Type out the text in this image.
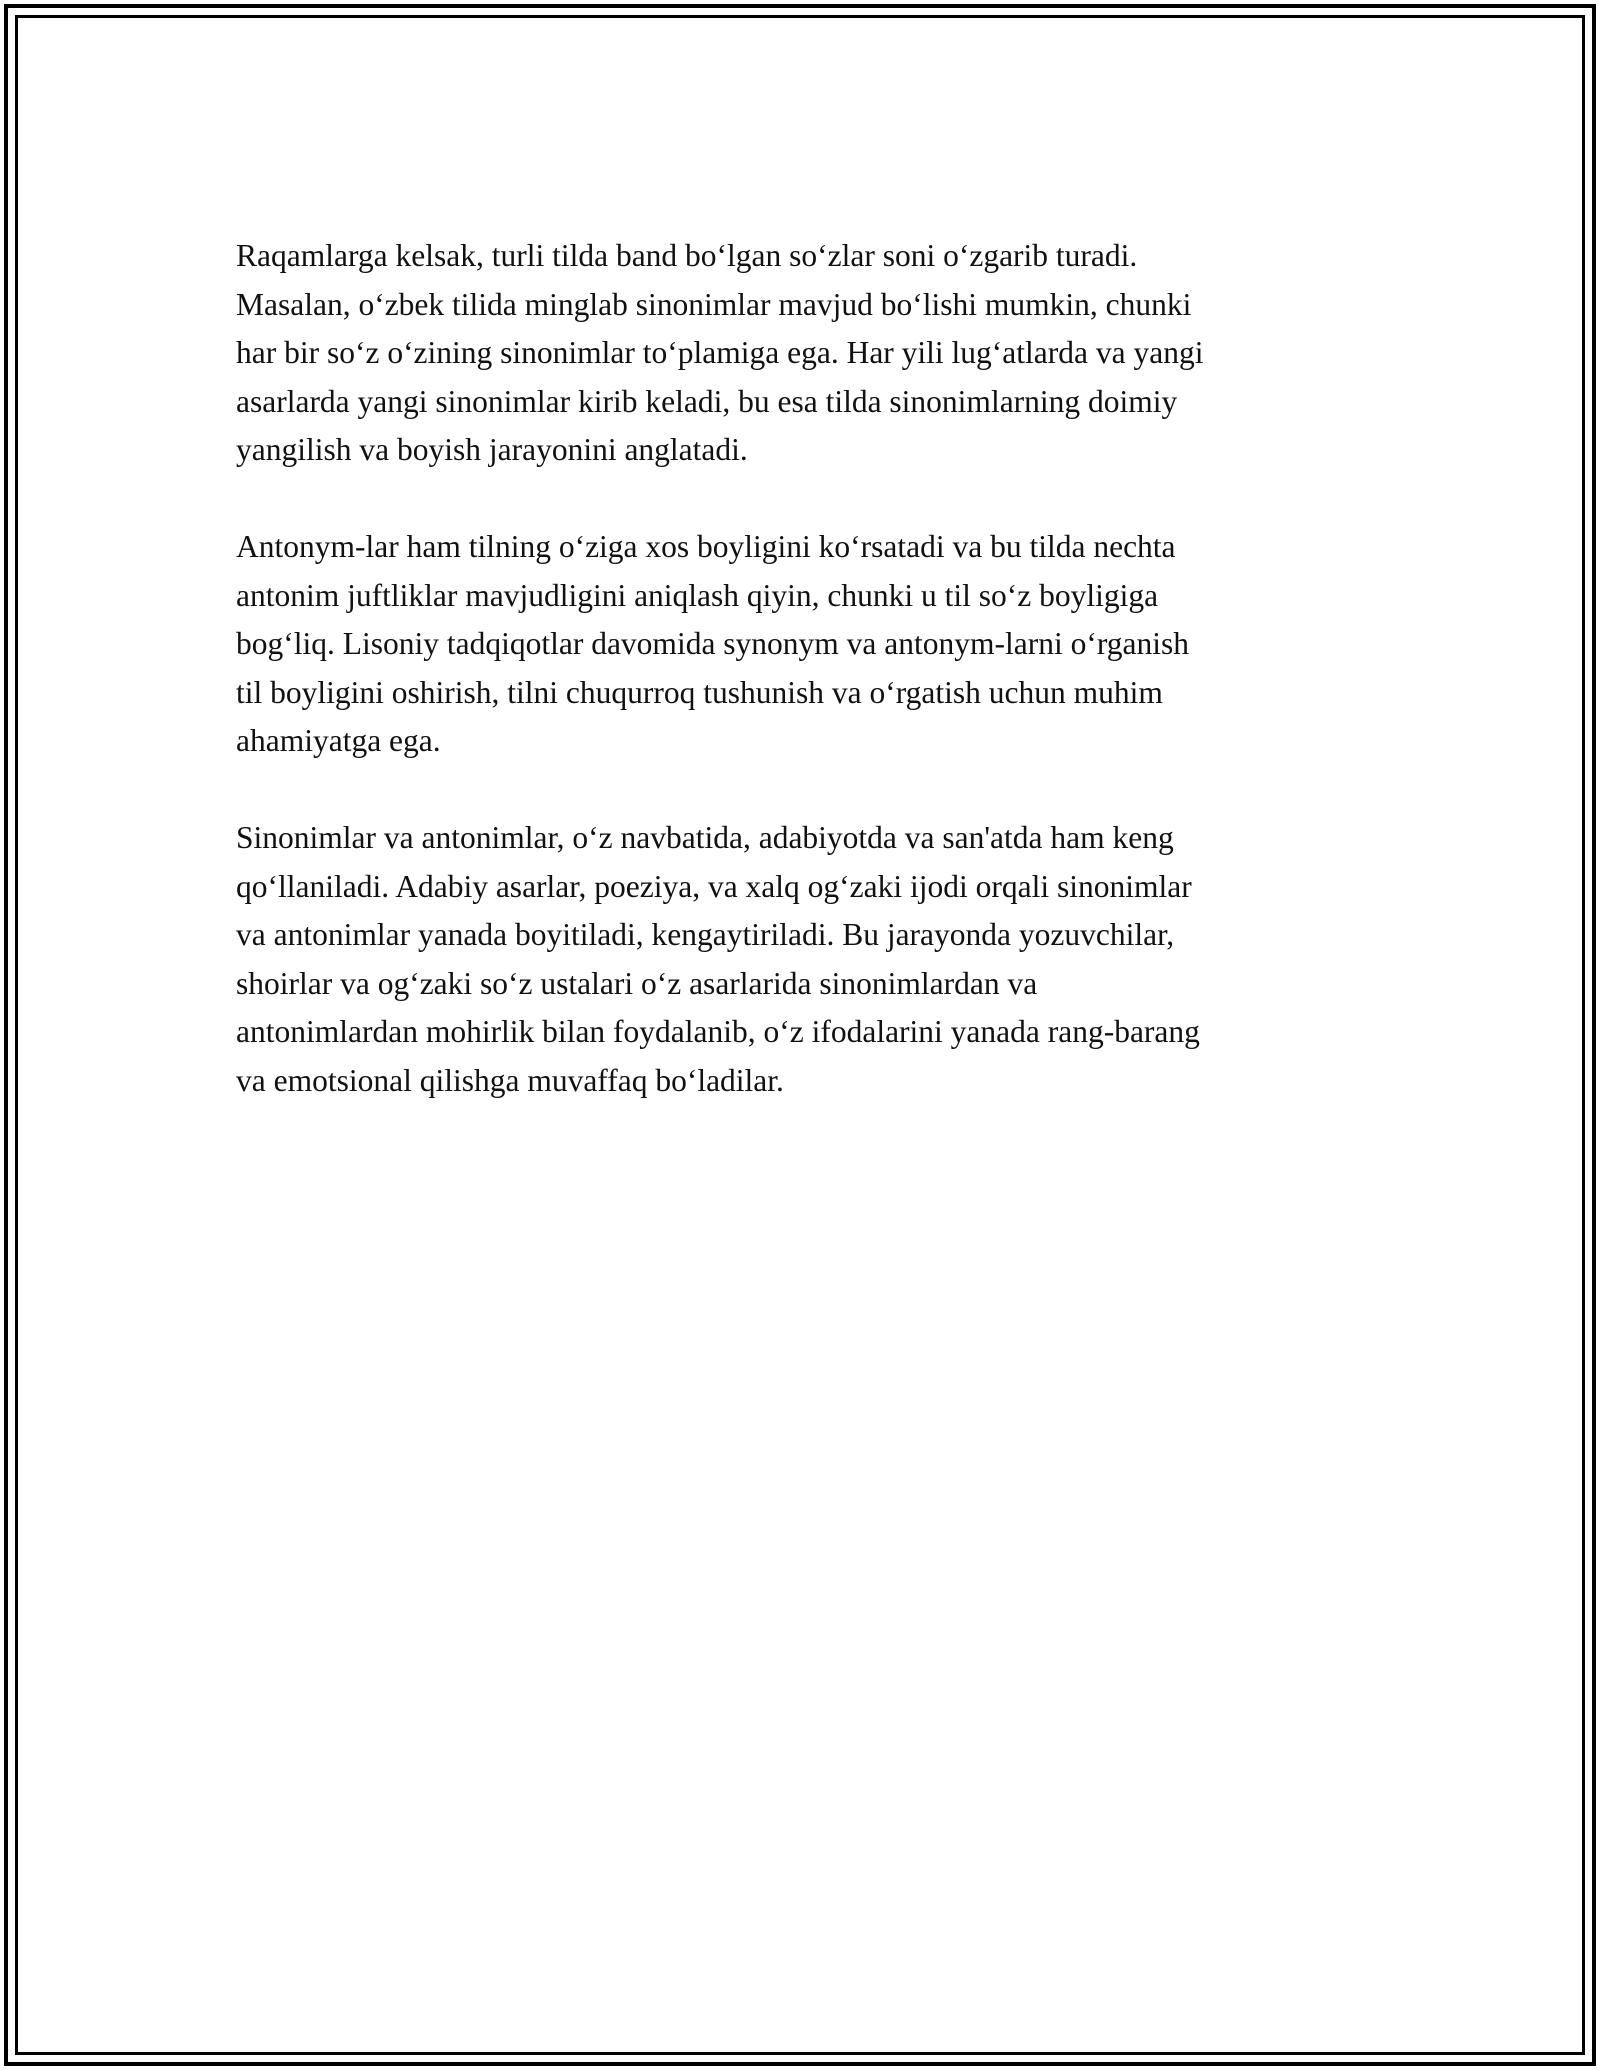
Raqamlarga kelsak, turli tilda band boʻlgan soʻzlar soni oʻzgarib turadi.
Masalan, oʻzbek tilida minglab sinonimlar mavjud boʻlishi mumkin, chunki
har bir soʻz oʻzining sinonimlar toʻplamiga ega. Har yili lugʻatlarda va yangi
asarlarda yangi sinonimlar kirib keladi, bu esa tilda sinonimlarning doimiy
yangilish va boyish jarayonini anglatadi.

Antonym-lar ham tilning oʻziga xos boyligini koʻrsatadi va bu tilda nechta
antonim juftliklar mavjudligini aniqlash qiyin, chunki u til soʻz boyligiga
bogʻliq. Lisoniy tadqiqotlar davomida synonym va antonym-larni oʻrganish
til boyligini oshirish, tilni chuqurroq tushunish va oʻrgatish uchun muhim
ahamiyatga ega.

Sinonimlar va antonimlar, oʻz navbatida, adabiyotda va san'atda ham keng
qoʻllaniladi. Adabiy asarlar, poeziya, va xalq ogʻzaki ijodi orqali sinonimlar
va antonimlar yanada boyitiladi, kengaytiriladi. Bu jarayonda yozuvchilar,
shoirlar va ogʻzaki soʻz ustalari oʻz asarlarida sinonimlardan va
antonimlardan mohirlik bilan foydalanib, oʻz ifodalarini yanada rang-barang
va emotsional qilishga muvaffaq boʻladilar.
